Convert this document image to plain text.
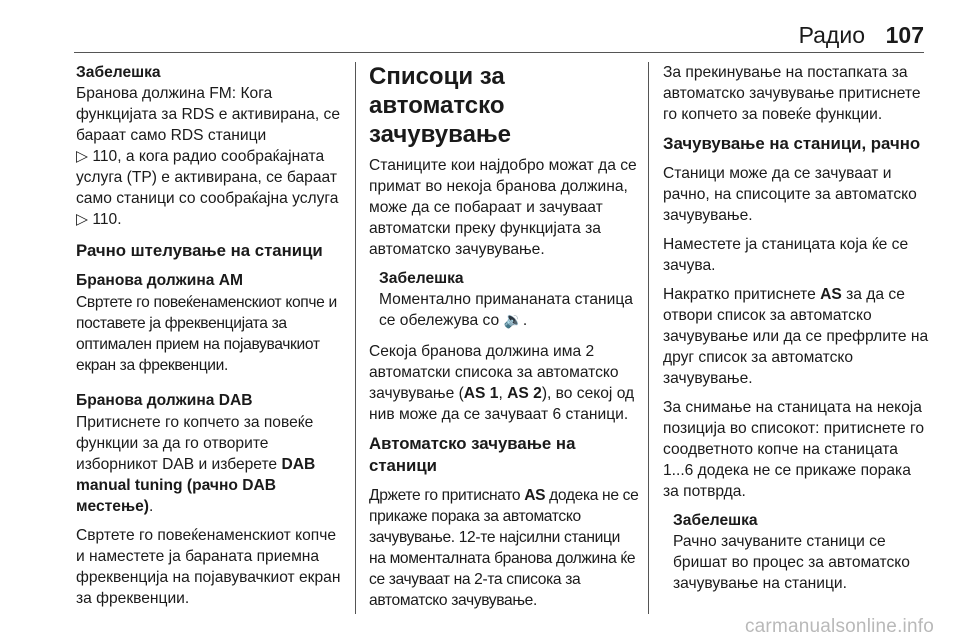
Радио 107
Забелешка
Бранова должина FM: Кога функцијата за RDS е активирана, се бараат само RDS станици
▷ 110, а кога радио сообраќајната услуга (TP) е активирана, се бараат само станици со сообраќајна услуга ▷ 110.
Рачно штелување на станици
Бранова должина AM
Свртете го повеќенаменскиот копче и поставете ја фреквенцијата за оптимален прием на појавувачкиот екран за фреквенции.
Бранова должина DAB
Притиснете го копчето за повеќе функции за да го отворите изборникот DAB и изберете DAB manual tuning (рачно DAB местење).
Свртете го повеќенаменскиот копче и наместете ја бараната приемна фреквенција на појавувачкиот екран за фреквенции.
Списоци за автоматско зачувување
Станиците кои најдобро можат да се примат во некоја бранова должина, може да се побараат и зачуваат автоматски преку функцијата за автоматско зачувување.
Забелешка
Моментално примананата станица се обележува со 🔉.
Секоја бранова должина има 2 автоматски списока за автоматско зачувување (AS 1, AS 2), во секој од нив може да се зачуваат 6 станици.
Автоматско зачување на станици
Држете го притиснато AS додека не се прикаже порака за автоматско зачувување. 12-те најсилни станици на моменталната бранова должина ќе се зачуваат на 2-та списока за автоматско зачувување.
За прекинување на постапката за автоматско зачувување притиснете го копчето за повеќе функции.
Зачувување на станици, рачно
Станици може да се зачуваат и рачно, на списоците за автоматско зачувување.
Наместете ја станицата која ќе се зачува.
Накратко притиснете AS за да се отвори список за автоматско зачувување или да се префрлите на друг список за автоматско зачувување.
За снимање на станицата на некоја позиција во списокот: притиснете го соодветното копче на станицата 1...6 додека не се прикаже порака за потврда.
Забелешка
Рачно зачуваните станици се бришат во процес за автоматско зачувување на станици.
carmanualsonline.info
